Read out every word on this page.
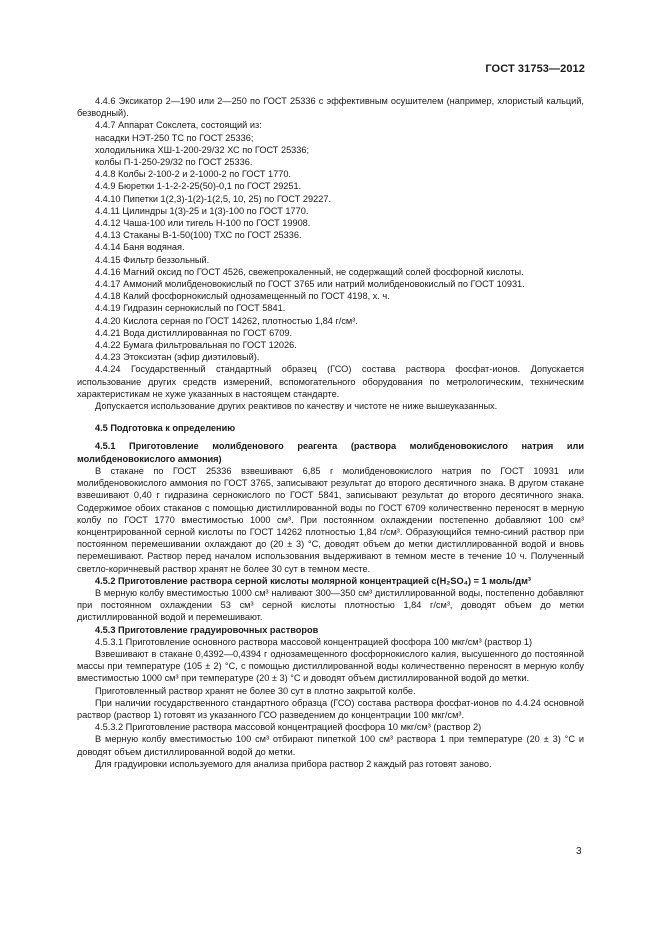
ГОСТ 31753—2012

4.4.6 Эксикатор 2—190 или 2—250 по ГОСТ 25336 с эффективным осушителем (например, хлористый кальций, безводный).

4.4.7 Аппарат Сокслета, состоящий из:

насадки НЭТ-250 ТС по ГОСТ 25336;

холодильника ХШ-1-200-29/32 ХС по ГОСТ 25336;

колбы П-1-250-29/32 по ГОСТ 25336.

4.4.8 Колбы 2-100-2 и 2-1000-2 по ГОСТ 1770.

4.4.9 Бюретки 1-1-2-2-25(50)-0,1 по ГОСТ 29251.

4.4.10 Пипетки 1(2,3)-1(2)-1(2,5, 10, 25) по ГОСТ 29227.

4.4.11 Цилиндры 1(3)-25 и 1(3)-100 по ГОСТ 1770.

4.4.12 Чаша-100 или тигель Н-100 по ГОСТ 19908.

4.4.13 Стаканы В-1-50(100) ТХС по ГОСТ 25336.

4.4.14 Баня водяная.

4.4.15 Фильтр беззольный.

4.4.16 Магний оксид по ГОСТ 4526, свежепрокаленный, не содержащий солей фосфорной кислоты.

4.4.17 Аммоний молибденовокислый по ГОСТ 3765 или натрий молибденовокислый по ГОСТ 10931.

4.4.18 Калий фосфорнокислый однозамещенный по ГОСТ 4198, х. ч.

4.4.19 Гидразин сернокислый по ГОСТ 5841.

4.4.20 Кислота серная по ГОСТ 14262, плотностью 1,84 г/см³.

4.4.21 Вода дистиллированная по ГОСТ 6709.

4.4.22 Бумага фильтровальная по ГОСТ 12026.

4.4.23 Этоксиэтан (эфир диэтиловый).

4.4.24 Государственный стандартный образец (ГСО) состава раствора фосфат-ионов. Допускается использование других средств измерений, вспомогательного оборудования по метрологическим, техническим характеристикам не хуже указанных в настоящем стандарте.

Допускается использование других реактивов по качеству и чистоте не ниже вышеуказанных.

4.5 Подготовка к определению

4.5.1 Приготовление молибденового реагента (раствора молибденовокислого натрия или молибденовокислого аммония)

В стакане по ГОСТ 25336 взвешивают 6,85 г молибденовокислого натрия по ГОСТ 10931 или молибденовокислого аммония по ГОСТ 3765, записывают результат до второго десятичного знака. В другом стакане взвешивают 0,40 г гидразина сернокислого по ГОСТ 5841, записывают результат до второго десятичного знака. Содержимое обоих стаканов с помощью дистиллированной воды по ГОСТ 6709 количественно переносят в мерную колбу по ГОСТ 1770 вместимостью 1000 см³. При постоянном охлаждении постепенно добавляют 100 см³ концентрированной серной кислоты по ГОСТ 14262 плотностью 1,84 г/см³. Образующийся темно-синий раствор при постоянном перемешивании охлаждают до (20 ± 3) °С, доводят объем до метки дистиллированной водой и вновь перемешивают. Раствор перед началом использования выдерживают в темном месте в течение 10 ч. Полученный светло-коричневый раствор хранят не более 30 сут в темном месте.

4.5.2 Приготовление раствора серной кислоты молярной концентрацией c(H₂SO₄) = 1 моль/дм³

В мерную колбу вместимостью 1000 см³ наливают 300—350 см³ дистиллированной воды, постепенно добавляют при постоянном охлаждении 53 см³ серной кислоты плотностью 1,84 г/см³, доводят объем до метки дистиллированной водой и перемешивают.

4.5.3 Приготовление градуировочных растворов

4.5.3.1 Приготовление основного раствора массовой концентрацией фосфора 100 мкг/см³ (раствор 1)

Взвешивают в стакане 0,4392—0,4394 г однозамещенного фосфорнокислого калия, высушенного до постоянной массы при температуре (105 ± 2) °С, с помощью дистиллированной воды количественно переносят в мерную колбу вместимостью 1000 см³ при температуре (20 ± 3) °С и доводят объем дистиллированной водой до метки.

Приготовленный раствор хранят не более 30 сут в плотно закрытой колбе.

При наличии государственного стандартного образца (ГСО) состава раствора фосфат-ионов по 4.4.24 основной раствор (раствор 1) готовят из указанного ГСО разведением до концентрации 100 мкг/см³.

4.5.3.2 Приготовление раствора массовой концентрацией фосфора 10 мкг/см³ (раствор 2)

В мерную колбу вместимостью 100 см³ отбирают пипеткой 100 см³ раствора 1 при температуре (20 ± 3) °С и доводят объем дистиллированной водой до метки.

Для градуировки используемого для анализа прибора раствор 2 каждый раз готовят заново.

3
